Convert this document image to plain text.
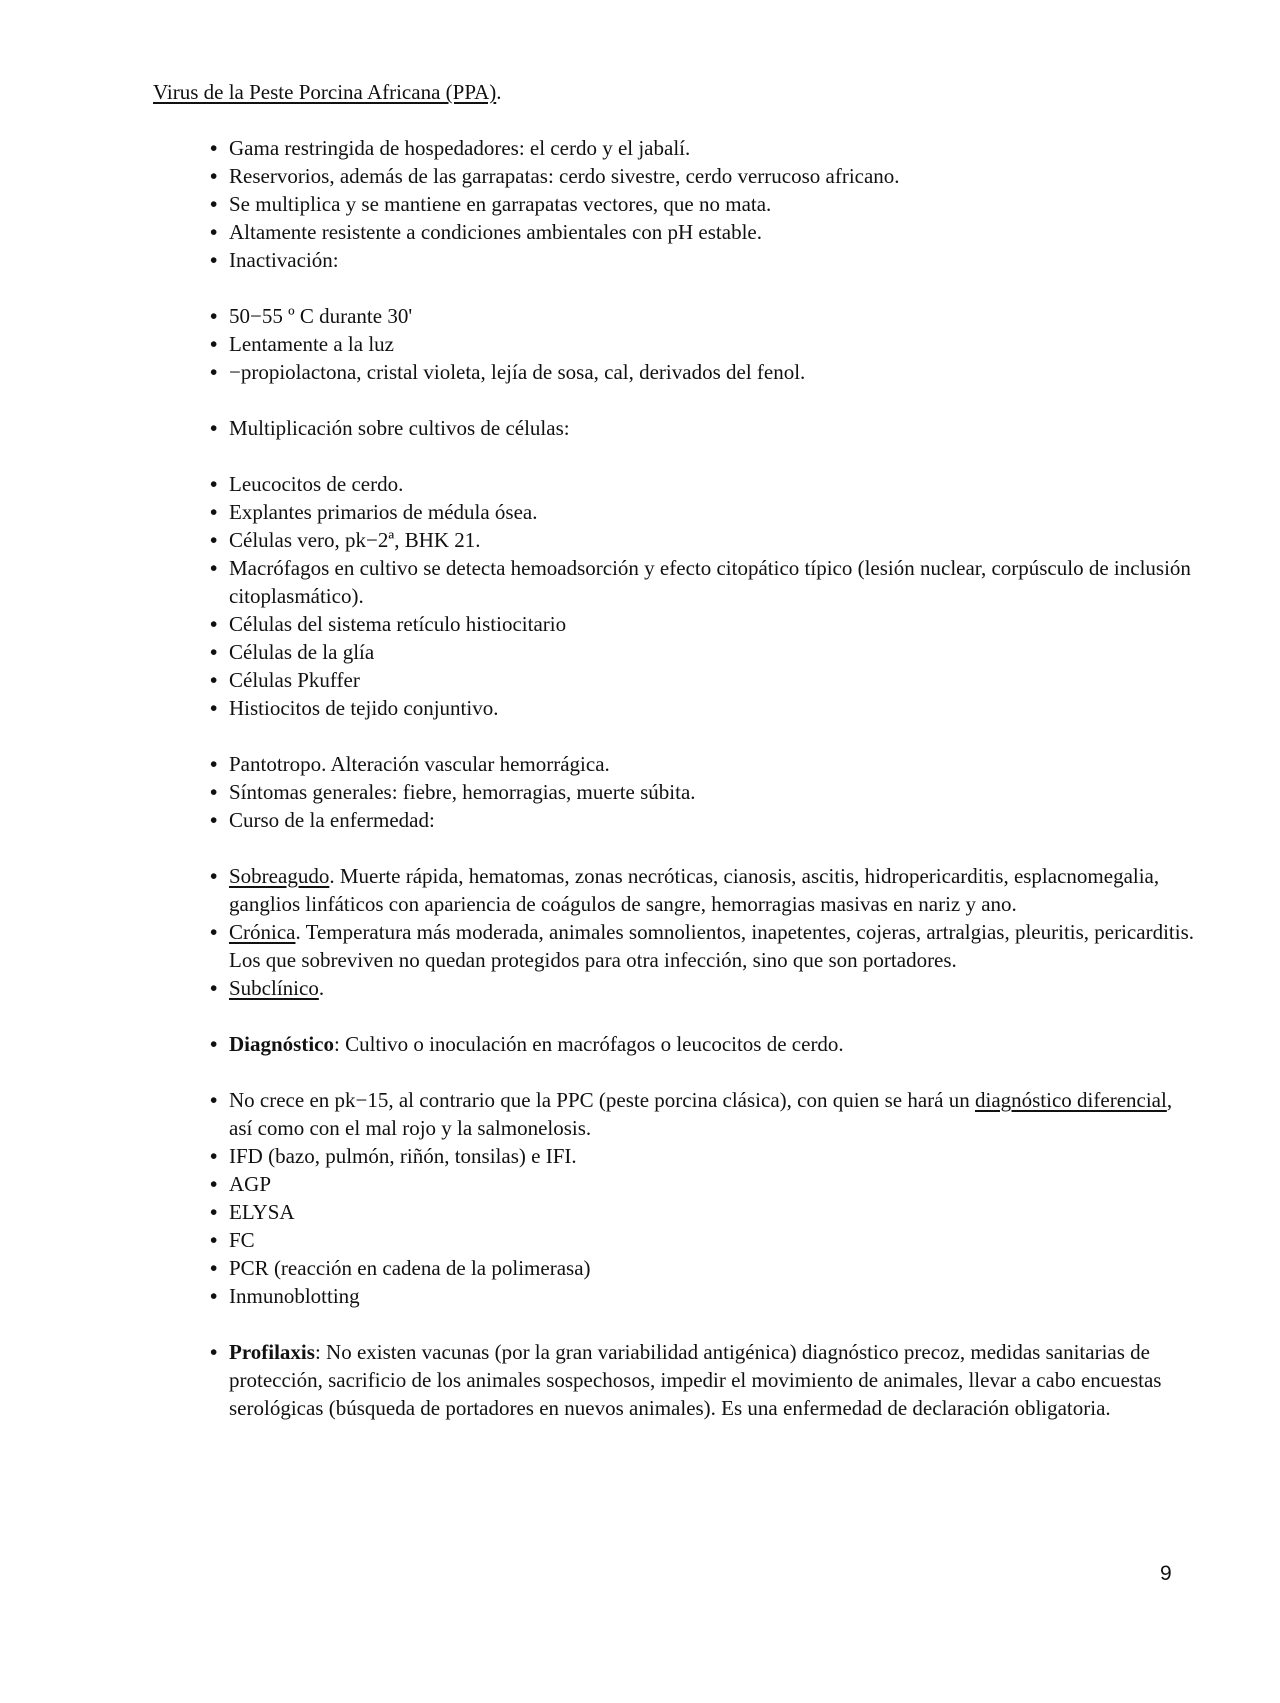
Virus de la Peste Porcina Africana (PPA).

• Gama restringida de hospedadores: el cerdo y el jabalí.
• Reservorios, además de las garrapatas: cerdo sivestre, cerdo verrucoso africano.
• Se multiplica y se mantiene en garrapatas vectores, que no mata.
• Altamente resistente a condiciones ambientales con pH estable.
• Inactivación:
• 50−55 º C durante 30'
• Lentamente a la luz
• −propiolactona, cristal violeta, lejía de sosa, cal, derivados del fenol.
• Multiplicación sobre cultivos de células:
• Leucocitos de cerdo.
• Explantes primarios de médula ósea.
• Células vero, pk−2ª, BHK 21.
• Macrófagos en cultivo se detecta hemoadsorción y efecto citopático típico (lesión nuclear, corpúsculo de inclusión citoplasmático).
• Células del sistema retículo histiocitario
• Células de la glía
• Células Pkuffer
• Histiocitos de tejido conjuntivo.
• Pantotropo. Alteración vascular hemorrágica.
• Síntomas generales: fiebre, hemorragias, muerte súbita.
• Curso de la enfermedad:
• Sobreagudo. Muerte rápida, hematomas, zonas necróticas, cianosis, ascitis, hidropericarditis, esplacnomegalia, ganglios linfáticos con apariencia de coágulos de sangre, hemorragias masivas en nariz y ano.
• Crónica. Temperatura más moderada, animales somnolientos, inapetentes, cojeras, artralgias, pleuritis, pericarditis. Los que sobreviven no quedan protegidos para otra infección, sino que son portadores.
• Subclínico.
• Diagnóstico: Cultivo o inoculación en macrófagos o leucocitos de cerdo.
• No crece en pk−15, al contrario que la PPC (peste porcina clásica), con quien se hará un diagnóstico diferencial, así como con el mal rojo y la salmonelosis.
• IFD (bazo, pulmón, riñón, tonsilas) e IFI.
• AGP
• ELYSA
• FC
• PCR (reacción en cadena de la polimerasa)
• Inmunoblotting
• Profilaxis: No existen vacunas (por la gran variabilidad antigénica) diagnóstico precoz, medidas sanitarias de protección, sacrificio de los animales sospechosos, impedir el movimiento de animales, llevar a cabo encuestas serológicas (búsqueda de portadores en nuevos animales). Es una enfermedad de declaración obligatoria.
9
